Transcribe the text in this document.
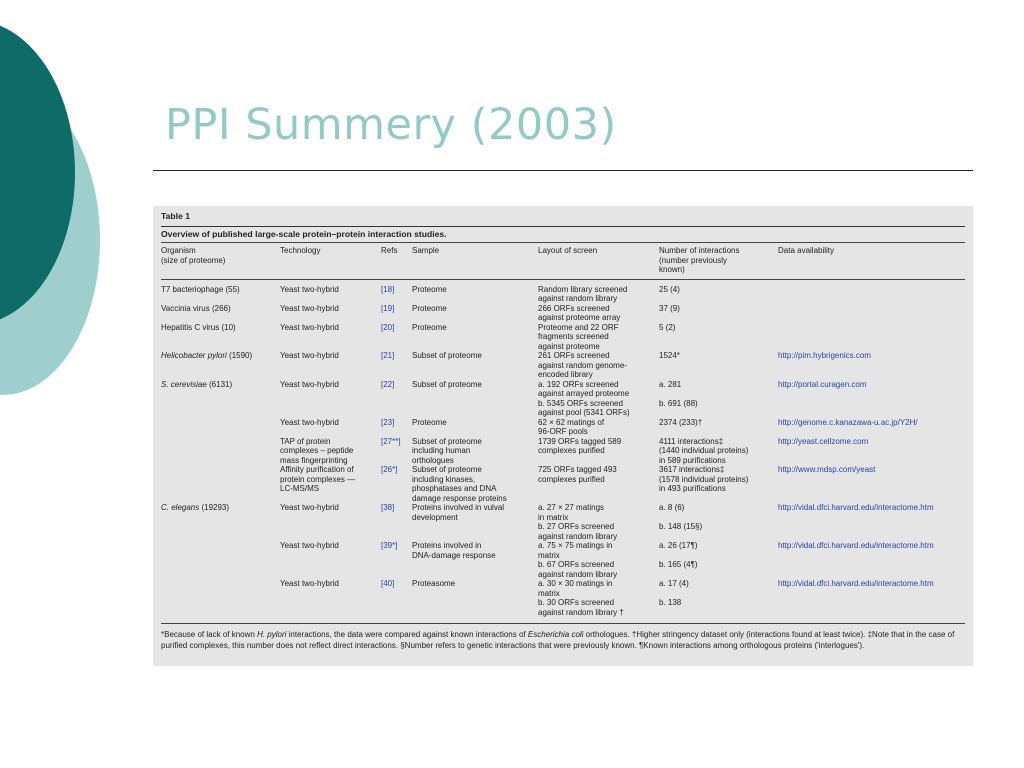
PPI Summery (2003)
Table 1
Overview of published large-scale protein–protein interaction studies.
Organism
(size of proteome)	Technology	Refs	Sample	Layout of screen	Number of interactions
(number previously
known)	Data availability
T7 bacteriophage (55)	Yeast two-hybrid	[18]	Proteome	Random library screened
against random library	25 (4)	
Vaccinia virus (266)	Yeast two-hybrid	[19]	Proteome	266 ORFs screened
against proteome array	37 (9)	
Hepatitis C virus (10)	Yeast two-hybrid	[20]	Proteome	Proteome and 22 ORF
fragments screened
against proteome	5 (2)	
Helicobacter pylori (1590)	Yeast two-hybrid	[21]	Subset of proteome	261 ORFs screened
against random genome-
encoded library	1524*	http://pim.hybrigenics.com
S. cerevisiae (6131)	Yeast two-hybrid	[22]	Subset of proteome	a. 192 ORFs screened
against arrayed proteome
b. 5345 ORFs screened
against pool (5341 ORFs)	a. 281

b. 691 (88)	http://portal.curagen.com
	Yeast two-hybrid	[23]	Proteome	62 × 62 matings of
96-ORF pools	2374 (233)†	http://genome.c.kanazawa-u.ac.jp/Y2H/
	TAP of protein
complexes – peptide
mass fingerprinting	[27**]	Subset of proteome
including human
orthologues	1739 ORFs tagged 589
complexes purified	4111 interactions‡
(1440 individual proteins)
in 589 purifications	http://yeast.cellzome.com
	Affinity purification of
protein complexes —
LC-MS/MS	[26*]	Subset of proteome
including kinases,
phosphatases and DNA
damage response proteins	725 ORFs tagged 493
complexes purified	3617 interactions‡
(1578 individual proteins)
in 493 purifications	http://www.mdsp.com/yeast
C. elegans (19293)	Yeast two-hybrid	[38]	Proteins involved in vulval
development	a. 27 × 27 matings
in matrix
b. 27 ORFs screened
against random library	a. 8 (6)

b. 148 (15§)	http://vidal.dfci.harvard.edu/interactome.htm
	Yeast two-hybrid	[39*]	Proteins involved in
DNA-damage response	a. 75 × 75 matings in
matrix
b. 67 ORFs screened
against random library	a. 26 (17¶)

b. 165 (4¶)	http://vidal.dfci.harvard.edu/interactome.htm
	Yeast two-hybrid	[40]	Proteasome	a. 30 × 30 matings in
matrix
b. 30 ORFs screened
against random library †	a. 17 (4)

b. 138	http://vidal.dfci.harvard.edu/interactome.htm
*Because of lack of known H. pylori interactions, the data were compared against known interactions of Escherichia coli orthologues. †Higher stringency dataset only (interactions found at least twice). ‡Note that in the case of purified complexes, this number does not reflect direct interactions. §Number refers to genetic interactions that were previously known. ¶Known interactions among orthologous proteins ('interlogues').
